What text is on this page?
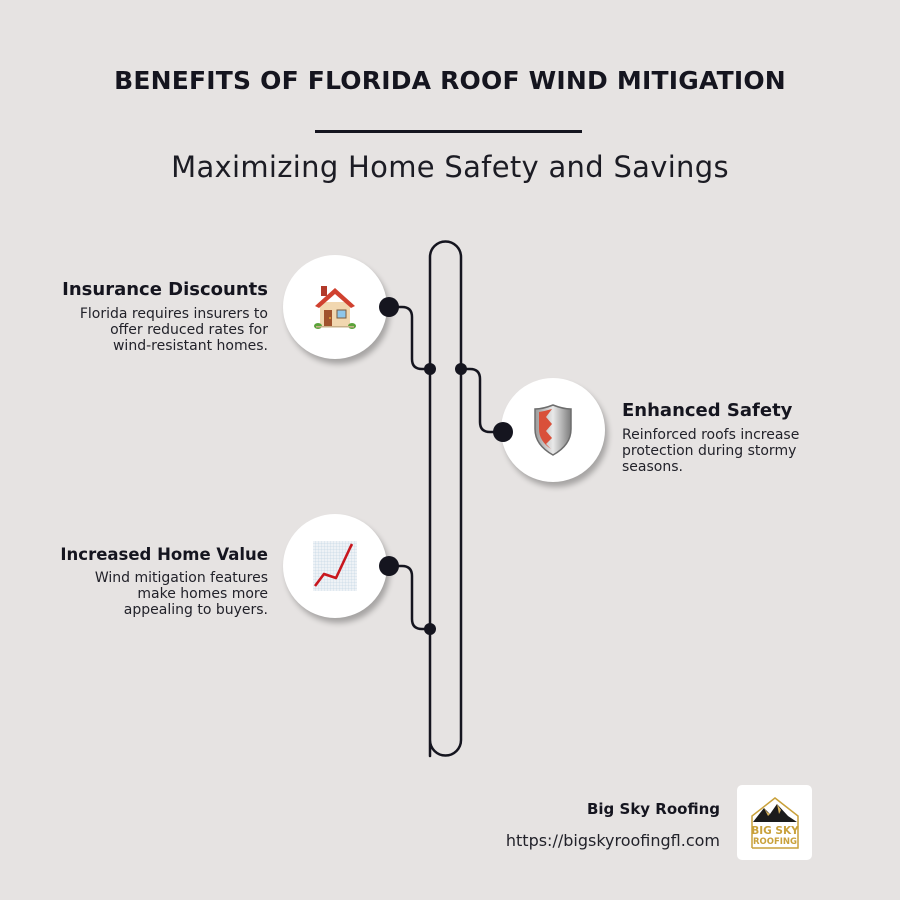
BENEFITS OF FLORIDA ROOF WIND MITIGATION
Maximizing Home Safety and Savings
Insurance Discounts

Florida requires insurers to
offer reduced rates for
wind-resistant homes.

Enhanced Safety

Reinforced roofs increase
protection during stormy
seasons.

Increased Home Value

Wind mitigation features
make homes more
appealing to buyers.

Big Sky Roofing
https://bigskyroofingfl.com
BIG SKY
ROOFING
